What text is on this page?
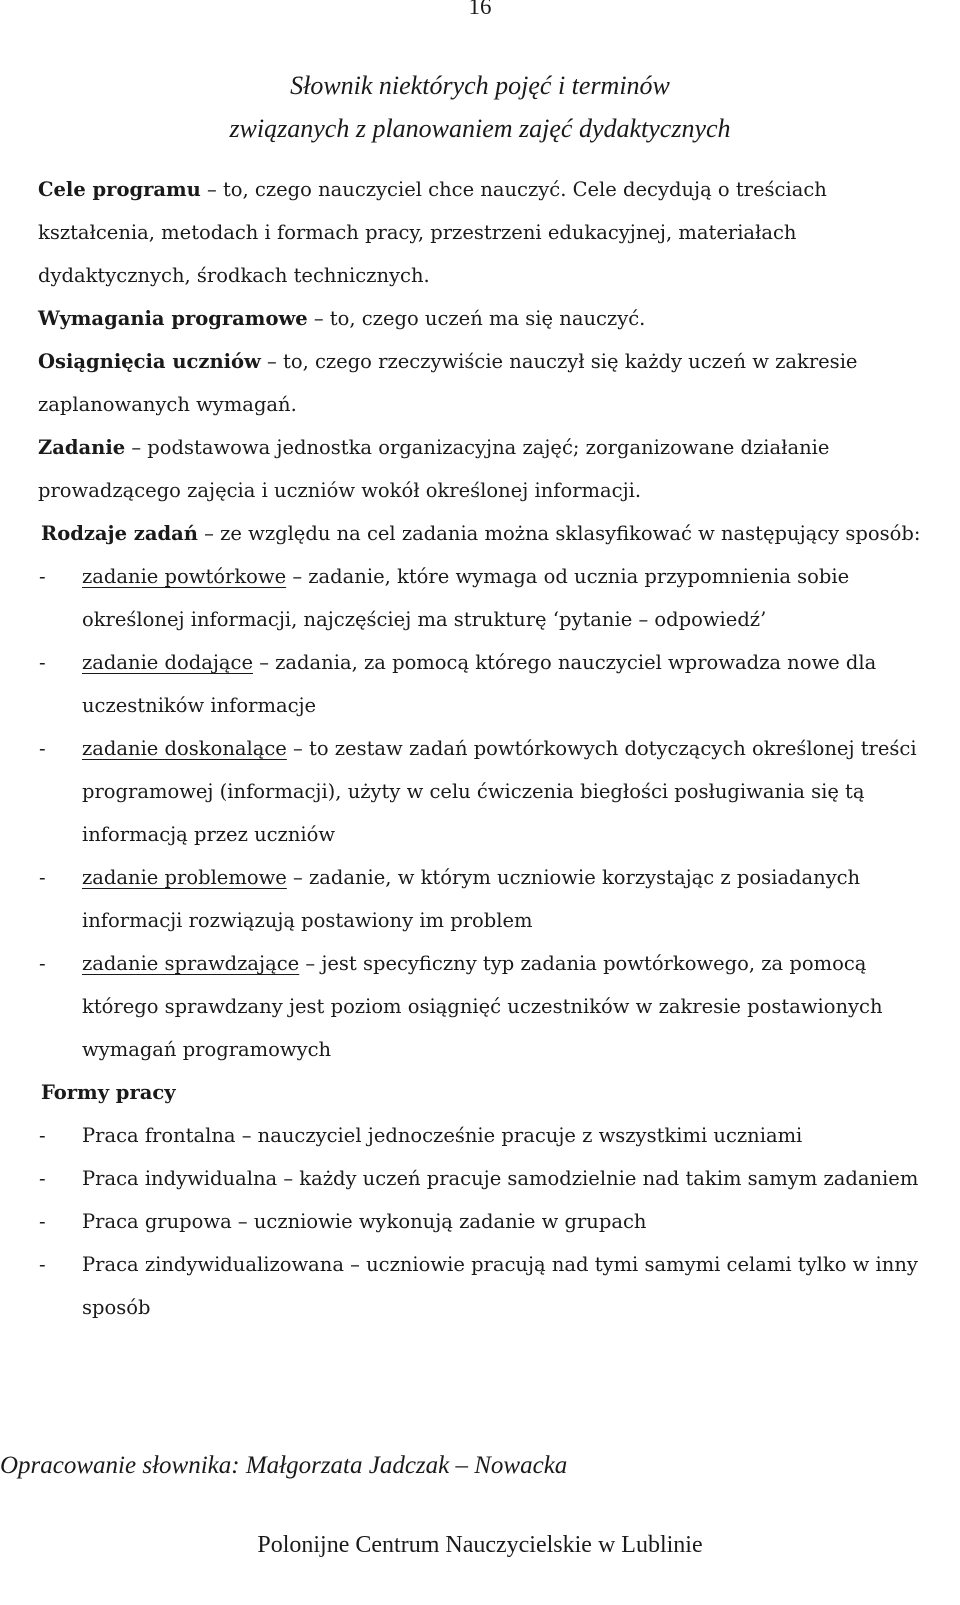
16
Słownik niektórych pojęć i terminów
związanych z planowaniem zajęć dydaktycznych

Cele programu – to, czego nauczyciel chce nauczyć. Cele decydują o treściach kształcenia, metodach i formach pracy, przestrzeni edukacyjnej, materiałach dydaktycznych, środkach technicznych.

Wymagania programowe – to, czego uczeń ma się nauczyć.

Osiągnięcia uczniów – to, czego rzeczywiście nauczył się każdy uczeń w zakresie zaplanowanych wymagań.

Zadanie – podstawowa jednostka organizacyjna zajęć; zorganizowane działanie prowadzącego zajęcia i uczniów wokół określonej informacji.

Rodzaje zadań – ze względu na cel zadania można sklasyfikować w następujący sposób:

- zadanie powtórkowe – zadanie, które wymaga od ucznia przypomnienia sobie określonej informacji, najczęściej ma strukturę ‘pytanie – odpowiedź’
- zadanie dodające – zadania, za pomocą którego nauczyciel wprowadza nowe dla uczestników informacje
- zadanie doskonalące – to zestaw zadań powtórkowych dotyczących określonej treści programowej (informacji), użyty w celu ćwiczenia biegłości posługiwania się tą informacją przez uczniów
- zadanie problemowe – zadanie, w którym uczniowie korzystając z posiadanych informacji rozwiązują postawiony im problem
- zadanie sprawdzające – jest specyficzny typ zadania powtórkowego, za pomocą którego sprawdzany jest poziom osiągnięć uczestników w zakresie postawionych wymagań programowych
Formy pracy
- Praca frontalna – nauczyciel jednocześnie pracuje z wszystkimi uczniami
- Praca indywidualna – każdy uczeń pracuje samodzielnie nad takim samym zadaniem
- Praca grupowa – uczniowie wykonują zadanie w grupach
- Praca zindywidualizowana – uczniowie pracują nad tymi samymi celami tylko w inny sposób
Opracowanie słownika: Małgorzata Jadczak – Nowacka
Polonijne Centrum Nauczycielskie w Lublinie
